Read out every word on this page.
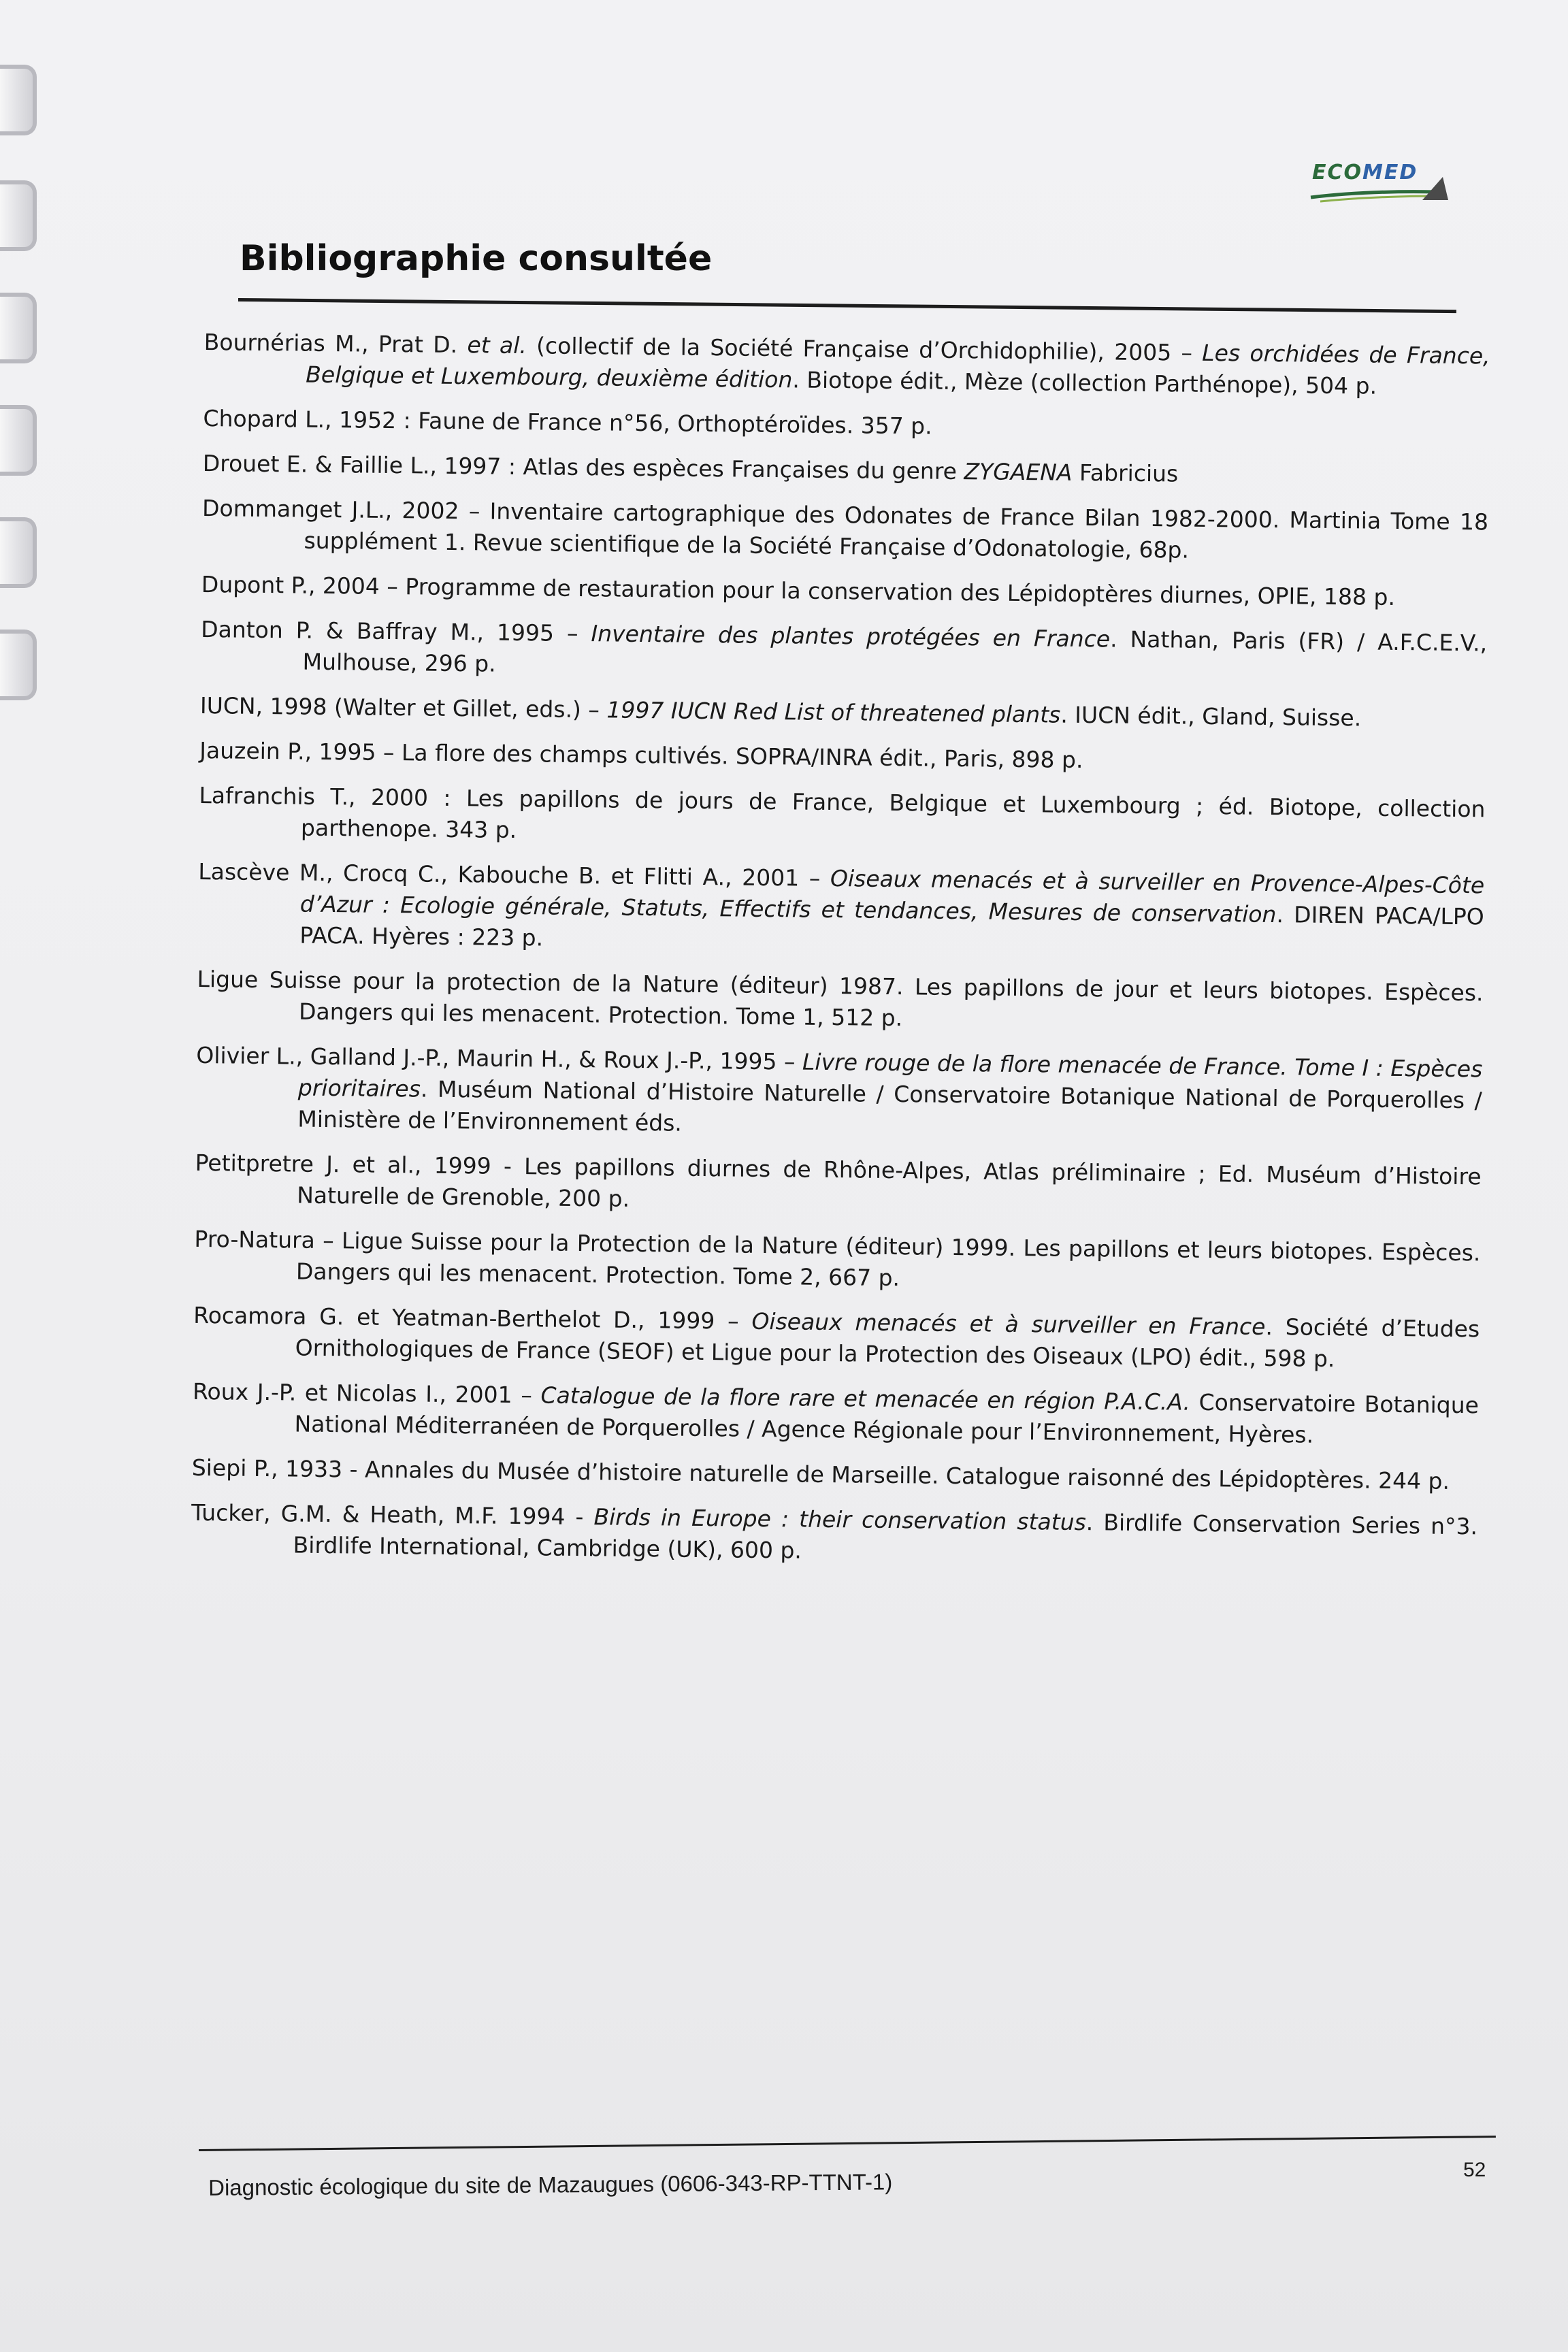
ECOMED
Bibliographie consultée

Bournérias M., Prat D. et al. (collectif de la Société Française d’Orchidophilie), 2005 – Les orchidées de France, Belgique et Luxembourg, deuxième édition. Biotope édit., Mèze (collection Parthénope), 504 p.

Chopard L., 1952 : Faune de France n°56, Orthoptéroïdes. 357 p.

Drouet E. & Faillie L., 1997 : Atlas des espèces Françaises du genre ZYGAENA Fabricius

Dommanget J.L., 2002 – Inventaire cartographique des Odonates de France Bilan 1982-2000. Martinia Tome 18 supplément 1. Revue scientifique de la Société Française d’Odonatologie, 68p.

Dupont P., 2004 – Programme de restauration pour la conservation des Lépidoptères diurnes, OPIE, 188 p.

Danton P. & Baffray M., 1995 – Inventaire des plantes protégées en France. Nathan, Paris (FR) / A.F.C.E.V., Mulhouse, 296 p.

IUCN, 1998 (Walter et Gillet, eds.) – 1997 IUCN Red List of threatened plants. IUCN édit., Gland, Suisse.

Jauzein P., 1995 – La flore des champs cultivés. SOPRA/INRA édit., Paris, 898 p.

Lafranchis T., 2000 : Les papillons de jours de France, Belgique et Luxembourg ; éd. Biotope, collection parthenope. 343 p.

Lascève M., Crocq C., Kabouche B. et Flitti A., 2001 – Oiseaux menacés et à surveiller en Provence-Alpes-Côte d’Azur : Ecologie générale, Statuts, Effectifs et tendances, Mesures de conservation. DIREN PACA/LPO PACA. Hyères : 223 p.

Ligue Suisse pour la protection de la Nature (éditeur) 1987. Les papillons de jour et leurs biotopes. Espèces. Dangers qui les menacent. Protection. Tome 1, 512 p.

Olivier L., Galland J.-P., Maurin H., & Roux J.-P., 1995 – Livre rouge de la flore menacée de France. Tome I : Espèces prioritaires. Muséum National d’Histoire Naturelle / Conservatoire Botanique National de Porquerolles / Ministère de l’Environnement éds.

Petitpretre J. et al., 1999 - Les papillons diurnes de Rhône-Alpes, Atlas préliminaire ; Ed. Muséum d’Histoire Naturelle de Grenoble, 200 p.

Pro-Natura – Ligue Suisse pour la Protection de la Nature (éditeur) 1999. Les papillons et leurs biotopes. Espèces. Dangers qui les menacent. Protection. Tome 2, 667 p.

Rocamora G. et Yeatman-Berthelot D., 1999 – Oiseaux menacés et à surveiller en France. Société d’Etudes Ornithologiques de France (SEOF) et Ligue pour la Protection des Oiseaux (LPO) édit., 598 p.

Roux J.-P. et Nicolas I., 2001 – Catalogue de la flore rare et menacée en région P.A.C.A. Conservatoire Botanique National Méditerranéen de Porquerolles / Agence Régionale pour l’Environnement, Hyères.

Siepi P., 1933 - Annales du Musée d’histoire naturelle de Marseille. Catalogue raisonné des Lépidoptères. 244 p.

Tucker, G.M. & Heath, M.F. 1994 - Birds in Europe : their conservation status. Birdlife Conservation Series n°3. Birdlife International, Cambridge (UK), 600 p.

Diagnostic écologique du site de Mazaugues (0606-343-RP-TTNT-1)	52
